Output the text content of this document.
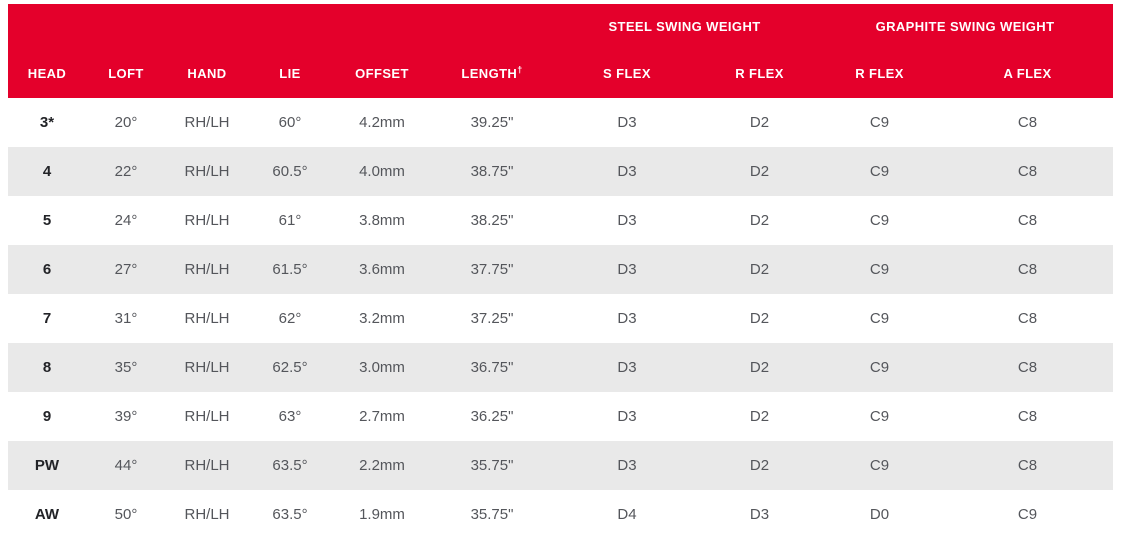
						STEEL SWING WEIGHT		GRAPHITE SWING WEIGHT	
HEAD	LOFT	HAND	LIE	OFFSET	LENGTH†	S FLEX	R FLEX	R FLEX	A FLEX
3*	20°	RH/LH	60°	4.2mm	39.25"	D3	D2	C9	C8
4	22°	RH/LH	60.5°	4.0mm	38.75"	D3	D2	C9	C8
5	24°	RH/LH	61°	3.8mm	38.25"	D3	D2	C9	C8
6	27°	RH/LH	61.5°	3.6mm	37.75"	D3	D2	C9	C8
7	31°	RH/LH	62°	3.2mm	37.25"	D3	D2	C9	C8
8	35°	RH/LH	62.5°	3.0mm	36.75"	D3	D2	C9	C8
9	39°	RH/LH	63°	2.7mm	36.25"	D3	D2	C9	C8
PW	44°	RH/LH	63.5°	2.2mm	35.75"	D3	D2	C9	C8
AW	50°	RH/LH	63.5°	1.9mm	35.75"	D4	D3	D0	C9
